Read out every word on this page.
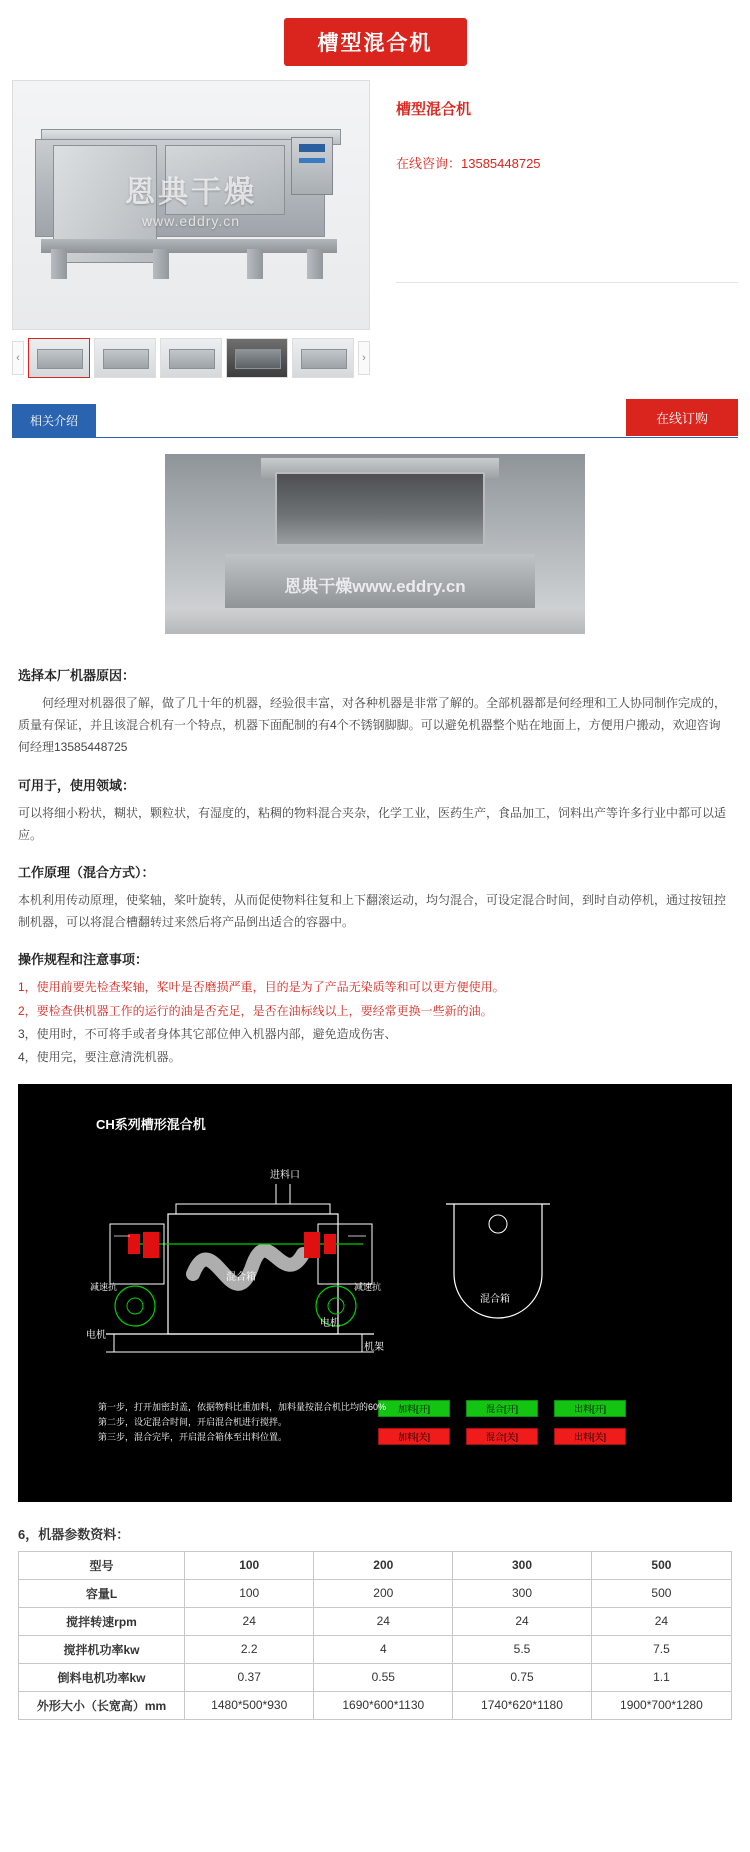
槽型混合机
恩典干燥
www.eddry.cn
‹	›
槽型混合机

在线咨询：13585448725

在线订购
相关介绍
恩典干燥www.eddry.cn
选择本厂机器原因：

何经理对机器很了解，做了几十年的机器，经验很丰富，对各种机器是非常了解的。全部机器都是何经理和工人协同制作完成的，质量有保证，并且该混合机有一个特点，机器下面配制的有4个不锈钢脚脚。可以避免机器整个贴在地面上，方便用户搬动，欢迎咨询何经理13585448725

可用于，使用领域：

可以将细小粉状，糊状，颗粒状，有湿度的，粘稠的物料混合夹杂，化学工业，医药生产，食品加工，饲料出产等许多行业中都可以适应。

工作原理（混合方式）：

本机利用传动原理，使桨轴，桨叶旋转，从而促使物料往复和上下翻滚运动，均匀混合，可设定混合时间，到时自动停机，通过按钮控制机器，可以将混合槽翻转过来然后将产品倒出适合的容器中。

操作规程和注意事项：
1，使用前要先检查桨轴，桨叶是否磨损严重，目的是为了产品无染质等和可以更方便使用。
2，要检查供机器工作的运行的油是否充足，是否在油标线以上，要经常更换一些新的油。
3，使用时，不可将手或者身体其它部位伸入机器内部，避免造成伤害、
4，使用完，要注意清洗机器。
CH系列槽形混合机

进料口
混合箱
混合箱
减速抗	减速抗
电机
电机
机架
加料[开]	混合[开]	出料[开]
加料[关]	混合[关]	出料[关]
第一步，打开加密封盖，依据物料比重加料，加料量按混合机比均的60%
第二步，设定混合时间，开启混合机进行搅拌。
第三步，混合完毕，开启混合箱体至出料位置。
6，机器参数资料：
型号	100	200	300	500
容量L	100	200	300	500
搅拌转速rpm	24	24	24	24
搅拌机功率kw	2.2	4	5.5	7.5
倒料电机功率kw	0.37	0.55	0.75	1.1
外形大小（长宽高）mm	1480*500*930	1690*600*1130	1740*620*1180	1900*700*1280
